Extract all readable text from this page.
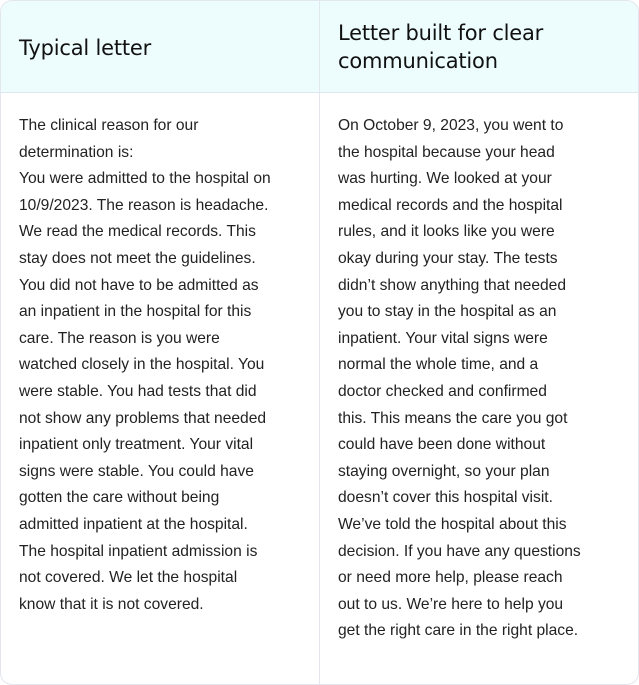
Typical letter
Letter built for clear communication
The clinical reason for our
determination is:
You were admitted to the hospital on
10/9/2023. The reason is headache.
We read the medical records. This
stay does not meet the guidelines.
You did not have to be admitted as
an inpatient in the hospital for this
care. The reason is you were
watched closely in the hospital. You
were stable. You had tests that did
not show any problems that needed
inpatient only treatment. Your vital
signs were stable. You could have
gotten the care without being
admitted inpatient at the hospital.
The hospital inpatient admission is
not covered. We let the hospital
know that it is not covered.
On October 9, 2023, you went to
the hospital because your head
was hurting. We looked at your
medical records and the hospital
rules, and it looks like you were
okay during your stay. The tests
didn’t show anything that needed
you to stay in the hospital as an
inpatient. Your vital signs were
normal the whole time, and a
doctor checked and confirmed
this. This means the care you got
could have been done without
staying overnight, so your plan
doesn’t cover this hospital visit.
We’ve told the hospital about this
decision. If you have any questions
or need more help, please reach
out to us. We’re here to help you
get the right care in the right place.
